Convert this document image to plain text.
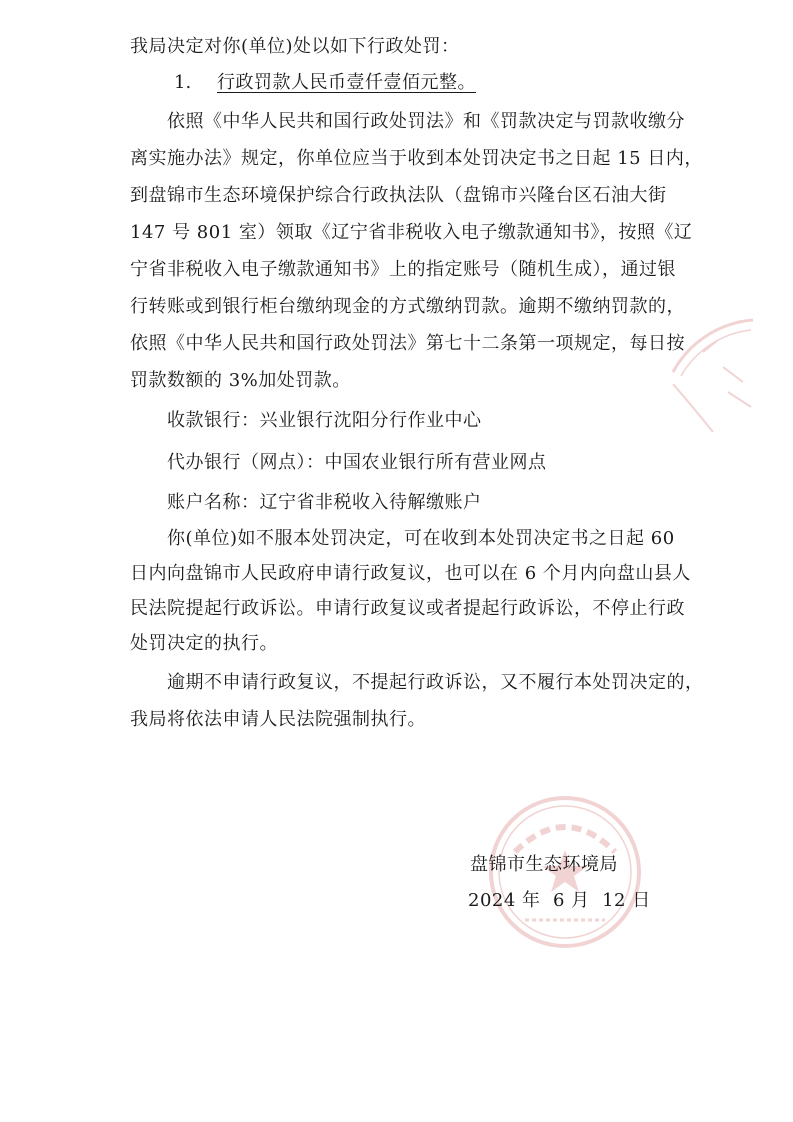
我局决定对你(单位)处以如下行政处罚：
1. 行政罚款人民币壹仟壹佰元整。
依照《中华人民共和国行政处罚法》和《罚款决定与罚款收缴分
离实施办法》规定，你单位应当于收到本处罚决定书之日起 15 日内，
到盘锦市生态环境保护综合行政执法队（盘锦市兴隆台区石油大街
147 号 801 室）领取《辽宁省非税收入电子缴款通知书》，按照《辽
宁省非税收入电子缴款通知书》上的指定账号（随机生成），通过银
行转账或到银行柜台缴纳现金的方式缴纳罚款。逾期不缴纳罚款的，
依照《中华人民共和国行政处罚法》第七十二条第一项规定，每日按
罚款数额的 3%加处罚款。
收款银行：兴业银行沈阳分行作业中心
代办银行（网点）：中国农业银行所有营业网点
账户名称：辽宁省非税收入待解缴账户
你(单位)如不服本处罚决定，可在收到本处罚决定书之日起 60
日内向盘锦市人民政府申请行政复议，也可以在 6 个月内向盘山县人
民法院提起行政诉讼。申请行政复议或者提起行政诉讼，不停止行政
处罚决定的执行。
逾期不申请行政复议，不提起行政诉讼，又不履行本处罚决定的，
我局将依法申请人民法院强制执行。
盘锦市生态环境局
2024 年  6 月  12 日
